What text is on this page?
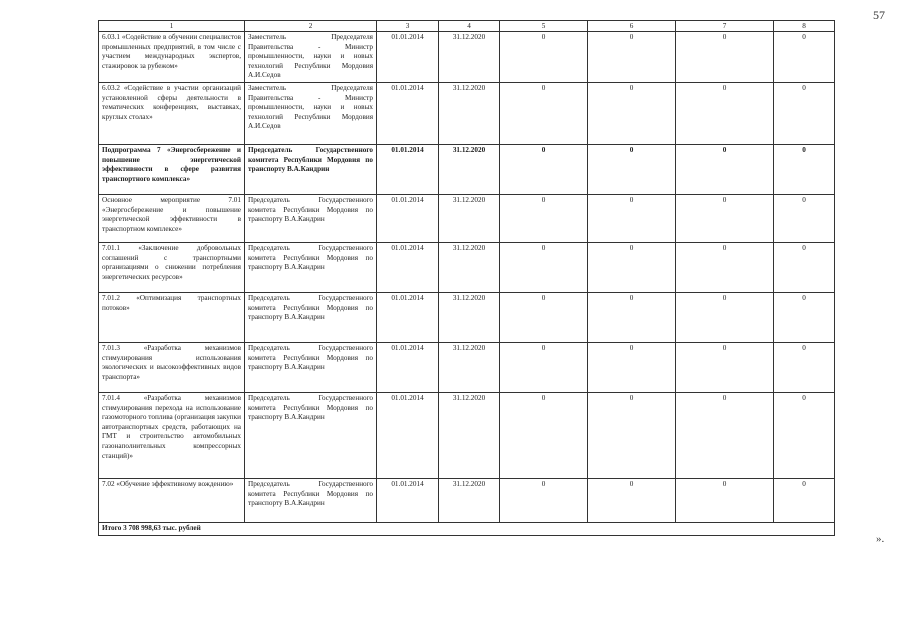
57
1	2	3	4	5	6	7	8
6.03.1 «Содействие в обучении специалистов промышленных предприятий, в том числе с участием международных экспертов, стажировок за рубежом»	Заместитель Председателя Правительства - Министр промышленности, науки и новых технологий Республики Мордовия А.И.Седов	01.01.2014	31.12.2020	0	0	0	0
6.03.2 «Содействие в участии организаций установленной сферы деятельности в тематических конференциях, выставках, круглых столах»	Заместитель Председателя Правительства - Министр промышленности, науки и новых технологий Республики Мордовия А.И.Седов	01.01.2014	31.12.2020	0	0	0	0
Подпрограмма 7 «Энергосбережение и повышение энергетической эффективности в сфере развития транспортного комплекса»	Председатель Государственного комитета Республики Мордовия по транспорту В.А.Кандрин	01.01.2014	31.12.2020	0	0	0	0
Основное мероприятие 7.01 «Энергосбережение и повышение энергетической эффективности в транспортном комплексе»	Председатель Государственного комитета Республики Мордовия по транспорту В.А.Кандрин	01.01.2014	31.12.2020	0	0	0	0
7.01.1 «Заключение добровольных соглашений с транспортными организациями о снижении потребления энергетических ресурсов»	Председатель Государственного комитета Республики Мордовия по транспорту В.А.Кандрин	01.01.2014	31.12.2020	0	0	0	0
7.01.2 «Оптимизация транспортных потоков»	Председатель Государственного комитета Республики Мордовия по транспорту В.А.Кандрин	01.01.2014	31.12.2020	0	0	0	0
7.01.3 «Разработка механизмов стимулирования использования экологических и высокоэффективных видов транспорта»	Председатель Государственного комитета Республики Мордовия по транспорту В.А.Кандрин	01.01.2014	31.12.2020	0	0	0	0
7.01.4 «Разработка механизмов стимулирования перехода на использование газомоторного топлива (организация закупки автотранспортных средств, работающих на ГМТ и строительство автомобильных газонаполнительных компрессорных станций)»	Председатель Государственного комитета Республики Мордовия по транспорту В.А.Кандрин	01.01.2014	31.12.2020	0	0	0	0
7.02 «Обучение эффективному вождению»	Председатель Государственного комитета Республики Мордовия по транспорту В.А.Кандрин	01.01.2014	31.12.2020	0	0	0	0
Итого 3 708 998,63 тыс. рублей							
».
